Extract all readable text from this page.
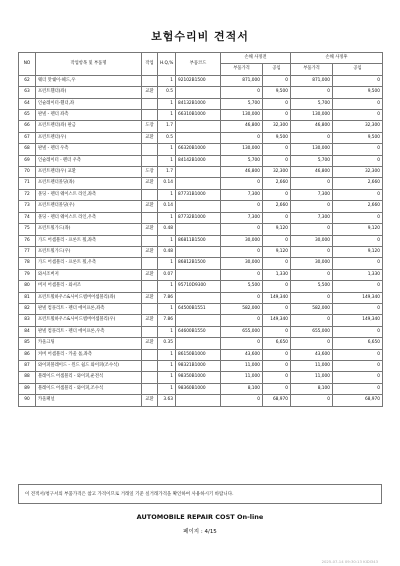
보험수리비 견적서
NO	작업항목 및 부품명	작업	H.Q,%	부품코드	손해 사정전		손해 사정후	
					부품가격	공임	부품가격	공임
62	웨더 맛쉐이-헤드,우		1	92102B1500	871,000	0	871,000	0
63	프런트휀더(좌)	교환	0.5		0	9,500	0	9,500
64	인슐레이터-휀더,좌		1	84132B1000	5,700	0	5,700	0
65	판넬 - 펜더 좌측		1	66310B1000	130,000	0	130,000	0
66	프런트펜더(좌) 판금	도장	1.7		46,800	32,300	46,800	32,300
67	프런트펜더(우)	교환	0.5		0	9,500	0	9,500
68	판넬 - 펜더 우측		1	66320B1000	130,000	0	130,000	0
69	인슐레이터 - 펜더 우측		1	84142B1000	5,700	0	5,700	0
70	프런트펜더(우) 교환	도장	1.7		46,800	32,300	46,800	32,300
71	프런트펜더몰딩(좌)	교환	0.14		0	2,660	0	2,660
72	몰딩 - 펜더 웨이스트 라인,좌측		1	87731B1000	7,300	0	7,300	0
73	프런트펜더몰딩(우)	교환	0.14		0	2,660	0	2,660
74	몰딩 - 펜더 웨이스트 라인,우측		1	87732B1000	7,300	0	7,300	0
75	프런트휠가드(좌)	교환	0.48		0	9,120	0	9,120
76	가드 어셈블리 - 프론트 휠,좌측		1	86811B1500	30,000	0	30,000	0
77	프런트휠가드(우)	교환	0.48		0	9,120	0	9,120
78	가드 어셈블리 - 프론트 휠,우측		1	86812B1500	30,000	0	30,000	0
79	와셔조버저	교환	0.07		0	1,330	0	1,330
80	버저 어셈블리 - 와셔조		1	95710D9300	5,500	0	5,500	0
81	프런트휠하우스&사이드멤버어셈블리(좌)	교환	7.86		0	149,340	0	149,340
82	판넬 컴플리트 - 펜더 에이프론,좌측		1	64500B1551	582,000	0	582,000	0
83	프런트휠하우스&사이드멤버어셈블리(우)	교환	7.86		0	149,340	0	149,340
84	판넬 컴플리트 - 펜더 에이프론,우측		1	64600B1550	655,000	0	655,000	0
85	카울크팅	교환	0.35		0	6,650	0	6,650
86	커버 어셈블리 - 카울 톱,좌측		1	86150B1000	43,600	0	43,600	0
87	와이퍼블레이드 - 윈드 쉴드 와이퍼(조수석)		1	98321B1000	11,000	0	11,000	0
88	블레이드 어셈블리 - 와이퍼,운전석		1	98350B1000	11,000	0	11,000	0
89	블레이드 어셈블리 - 와이퍼,조수석		1	98360B1000	8,100	0	8,100	0
90	카울패널	교환	3.63		0	68,970	0	68,970
이 견적서/청구서의 부품가격은 참고 가격이므로 거래일 기준 실거래가격을 확인하여 사용하시기 바랍니다.
AUTOMOBILE REPAIR COST On-line
페이지 : 4/15
2025-07-14 09:30:13 KIDI343
